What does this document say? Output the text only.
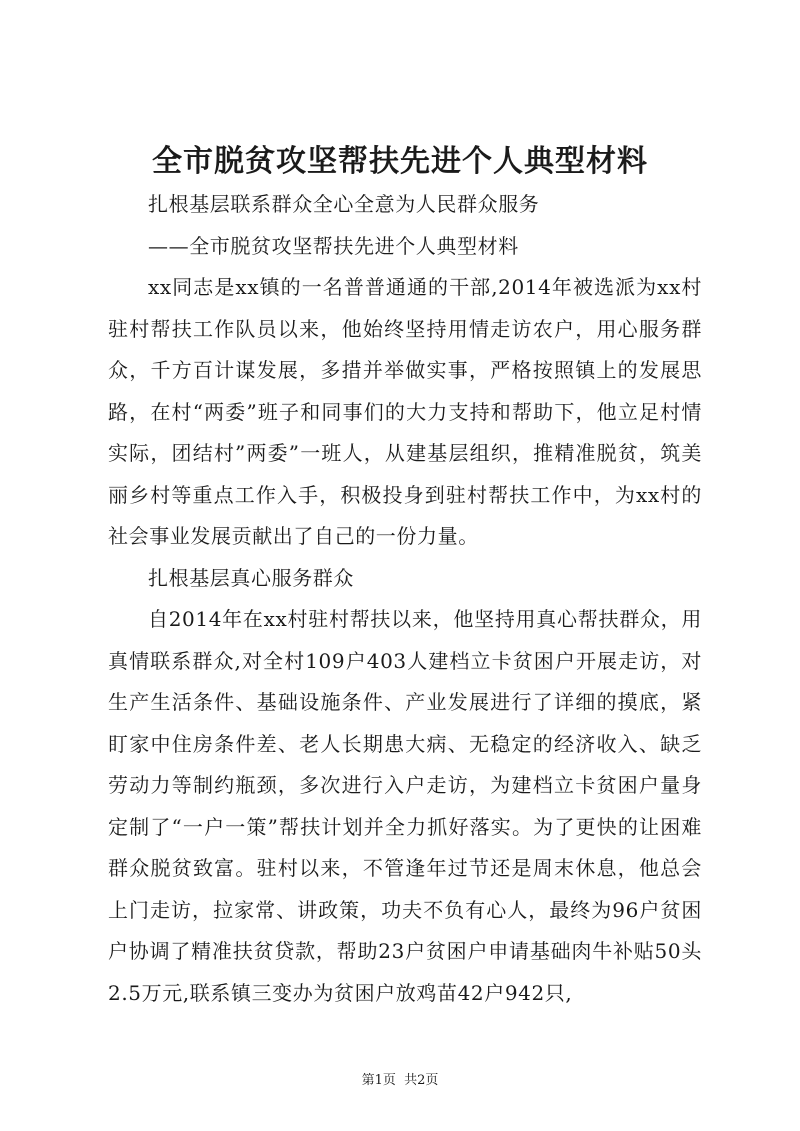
全市脱贫攻坚帮扶先进个人典型材料

扎根基层联系群众全心全意为人民群众服务

——全市脱贫攻坚帮扶先进个人典型材料

xx同志是xx镇的一名普普通通的干部,2014年被选派为xx村驻村帮扶工作队员以来，他始终坚持用情走访农户，用心服务群众，千方百计谋发展，多措并举做实事，严格按照镇上的发展思路，在村“两委”班子和同事们的大力支持和帮助下，他立足村情实际，团结村”两委”一班人，从建基层组织，推精准脱贫，筑美丽乡村等重点工作入手，积极投身到驻村帮扶工作中，为xx村的社会事业发展贡献出了自己的一份力量。

扎根基层真心服务群众

自2014年在xx村驻村帮扶以来，他坚持用真心帮扶群众，用真情联系群众,对全村109户403人建档立卡贫困户开展走访，对生产生活条件、基础设施条件、产业发展进行了详细的摸底，紧盯家中住房条件差、老人长期患大病、无稳定的经济收入、缺乏劳动力等制约瓶颈，多次进行入户走访，为建档立卡贫困户量身定制了“一户一策”帮扶计划并全力抓好落实。为了更快的让困难群众脱贫致富。驻村以来，不管逢年过节还是周末休息，他总会上门走访，拉家常、讲政策，功夫不负有心人，最终为96户贫困户协调了精准扶贫贷款，帮助23户贫困户申请基础肉牛补贴50头2.5万元,联系镇三变办为贫困户放鸡苗42户942只,

第1页 共2页
